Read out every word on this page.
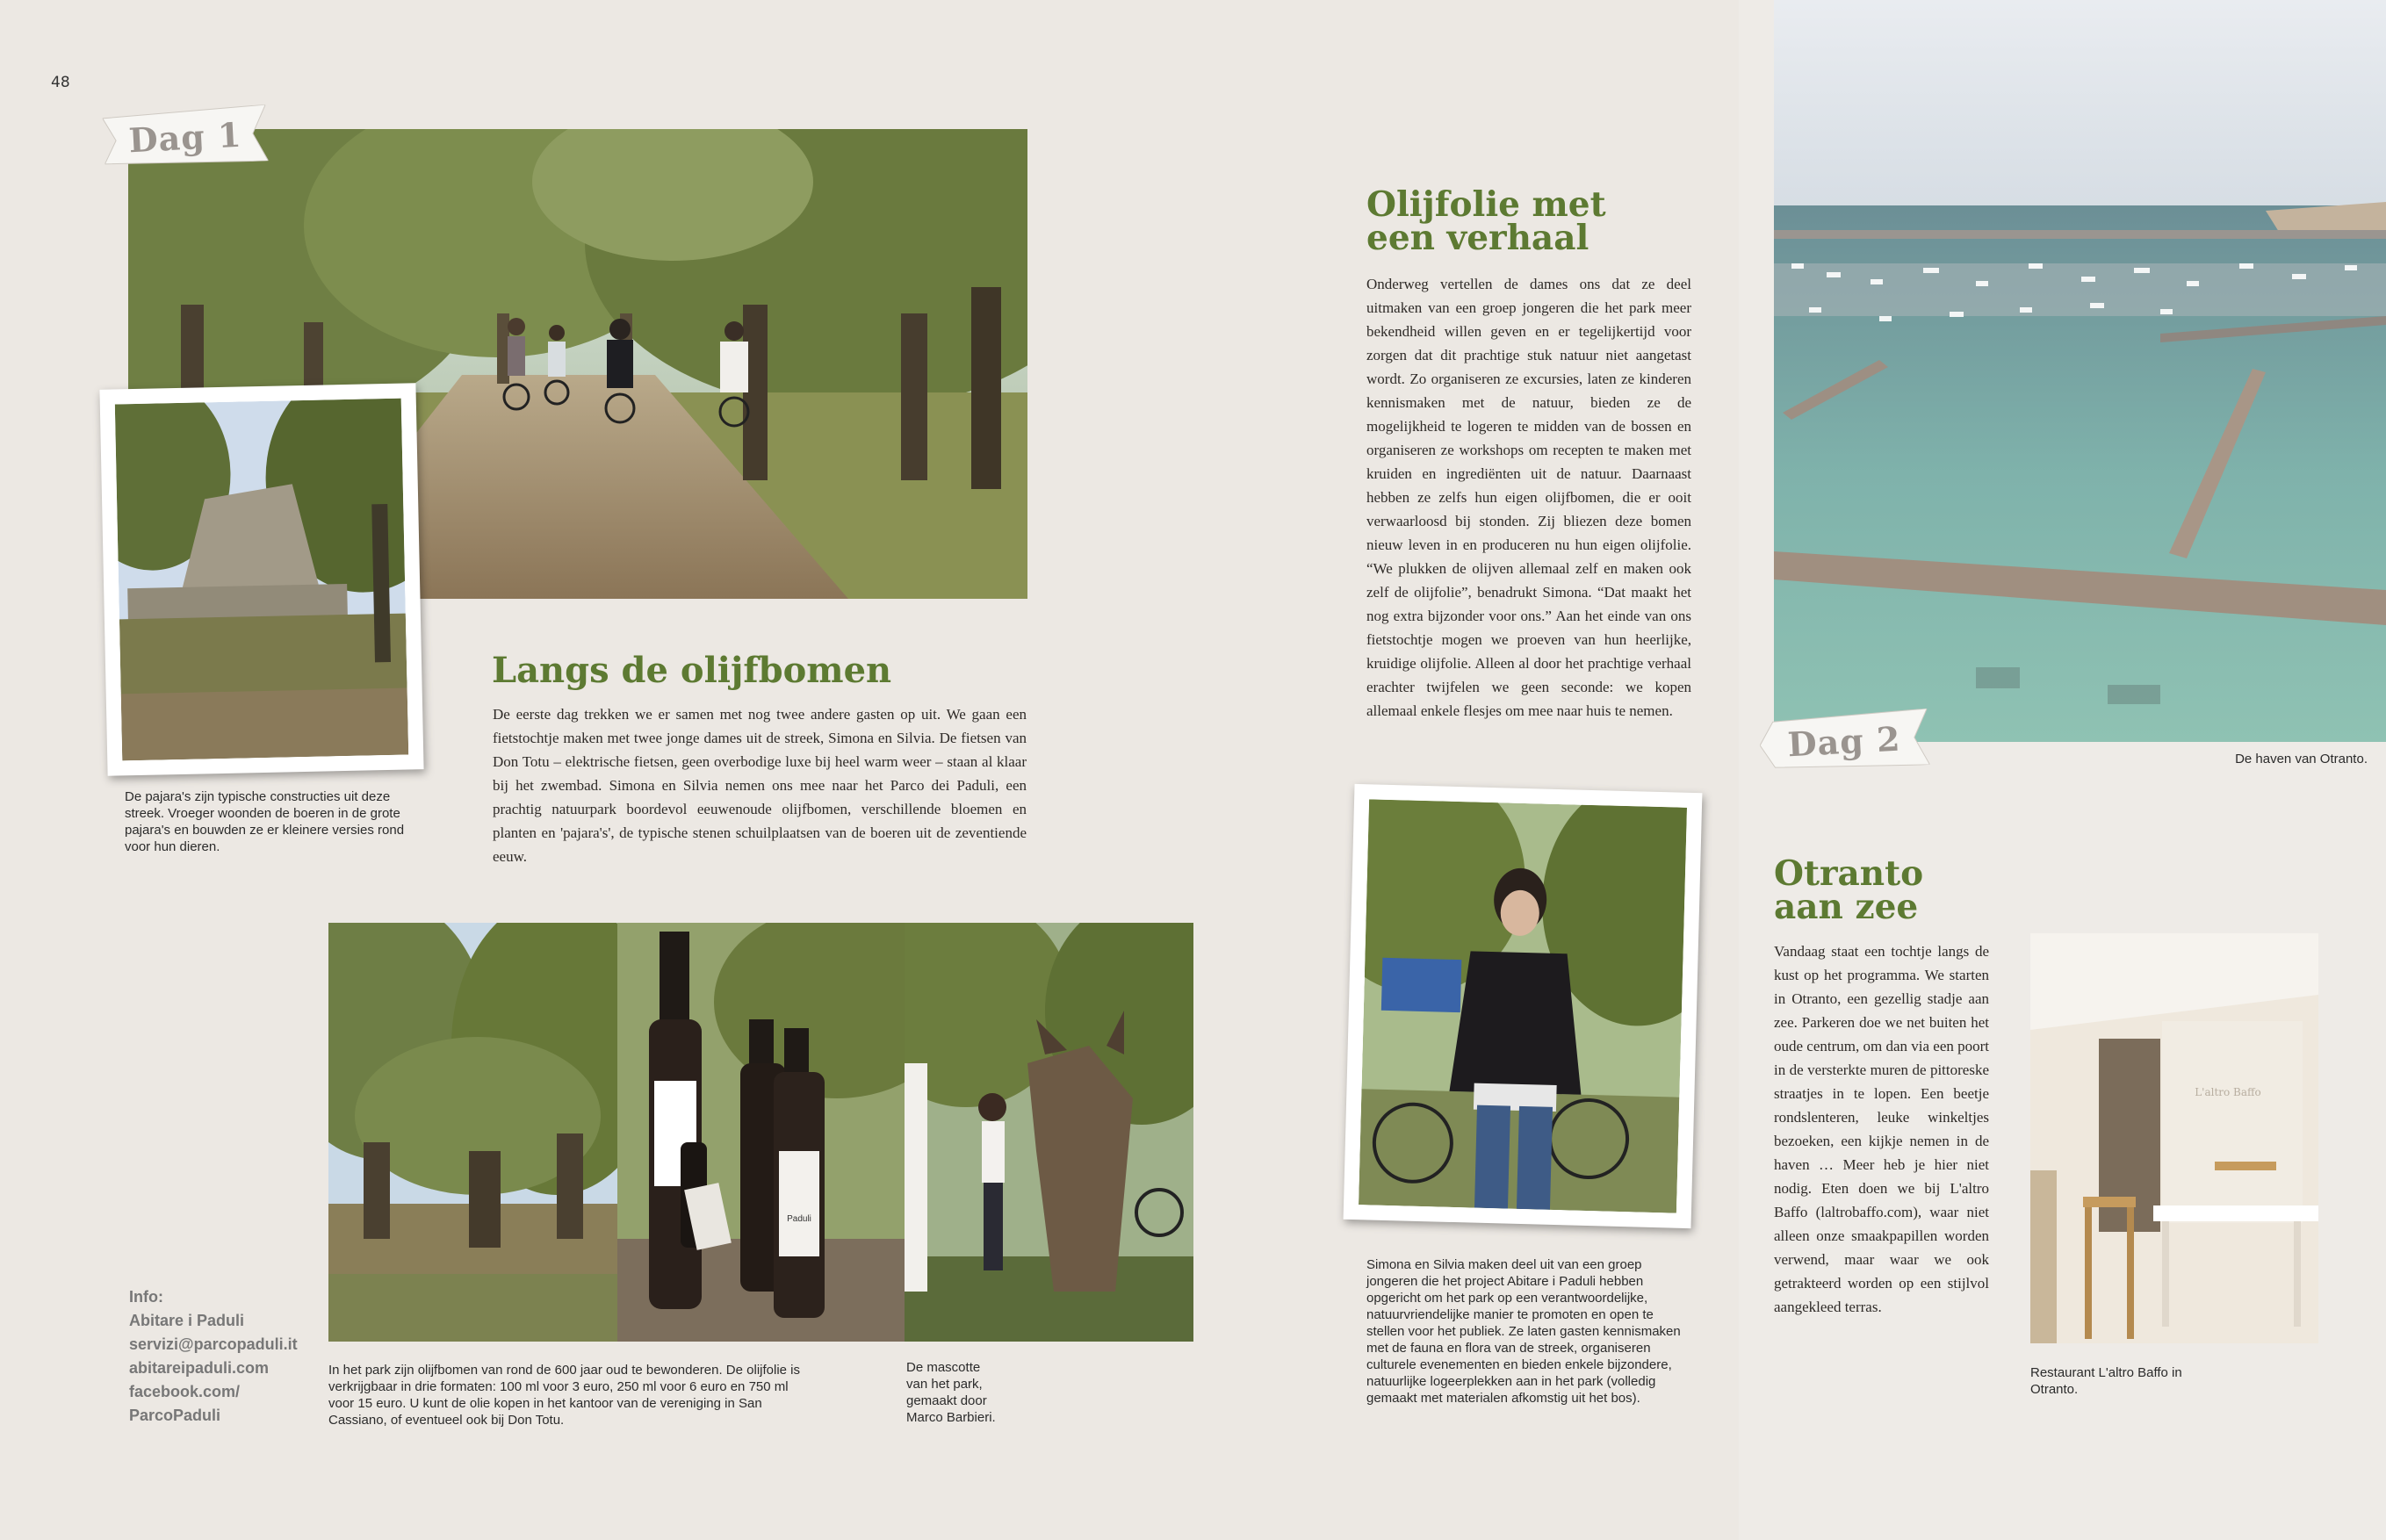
48
Dag 1

De pajara's zijn typische constructies uit deze streek. Vroeger woonden de boeren in de grote pajara's en bouwden ze er kleinere versies rond voor hun dieren.

Langs de olijfbomen

De eerste dag trekken we er samen met nog twee andere gasten op uit. We gaan een fietstochtje maken met twee jonge dames uit de streek, Simona en Silvia. De fietsen van Don Totu – elektrische fietsen, geen overbodige luxe bij heel warm weer – staan al klaar bij het zwembad. Simona en Silvia nemen ons mee naar het Parco dei Paduli, een prachtig natuurpark boordevol eeuwenoude olijfbomen, verschillende bloemen en planten en 'pajara's', de typische stenen schuilplaatsen van de boeren uit de zeventiende eeuw.

Paduli

In het park zijn olijfbomen van rond de 600 jaar oud te bewonderen. De olijfolie is verkrijgbaar in drie formaten: 100 ml voor 3 euro, 250 ml voor 6 euro en 750 ml voor 15 euro. U kunt de olie kopen in het kantoor van de vereniging in San Cassiano, of eventueel ook bij Don Totu.

De mascotte van het park, gemaakt door Marco Barbieri.

Info:
Abitare i Paduli
servizi@parcopaduli.it
abitareipaduli.com
facebook.com/
ParcoPaduli
Olijfolie met
een verhaal

Onderweg vertellen de dames ons dat ze deel uitmaken van een groep jongeren die het park meer bekendheid willen geven en er tegelijkertijd voor zorgen dat dit prachtige stuk natuur niet aangetast wordt. Zo organiseren ze excursies, laten ze kinderen kennismaken met de natuur, bieden ze de mogelijkheid te logeren te midden van de bossen en organiseren ze workshops om recepten te maken met kruiden en ingrediënten uit de natuur. Daarnaast hebben ze zelfs hun eigen olijfbomen, die er ooit verwaarloosd bij stonden. Zij bliezen deze bomen nieuw leven in en produceren nu hun eigen olijfolie. “We plukken de olijven allemaal zelf en maken ook zelf de olijfolie”, benadrukt Simona. “Dat maakt het nog extra bijzonder voor ons.” Aan het einde van ons fietstochtje mogen we proeven van hun heerlijke, kruidige olijfolie. Alleen al door het prachtige verhaal erachter twijfelen we geen seconde: we kopen allemaal enkele flesjes om mee naar huis te nemen.

Simona en Silvia maken deel uit van een groep jongeren die het project Abitare i Paduli hebben opgericht om het park op een verantwoordelijke, natuurvriendelijke manier te promoten en open te stellen voor het publiek. Ze laten gasten kennismaken met de fauna en flora van de streek, organiseren culturele evenementen en bieden enkele bijzondere, natuurlijke logeerplekken aan in het park (volledig gemaakt met materialen afkomstig uit het bos).

De haven van Otranto.

Dag 2
Otranto
aan zee

Vandaag staat een tochtje langs de kust op het programma. We starten in Otranto, een gezellig stadje aan zee. Parkeren doe we net buiten het oude centrum, om dan via een poort in de versterkte muren de pittoreske straatjes in te lopen. Een beetje rondslenteren, leuke winkeltjes bezoeken, een kijkje nemen in de haven … Meer heb je hier niet nodig. Eten doen we bij L'altro Baffo (laltrobaffo.com), waar niet alleen onze smaakpapillen worden verwend, maar waar we ook getrakteerd worden op een stijlvol aangekleed terras.

L'altro Baffo

Restaurant L'altro Baffo in Otranto.
